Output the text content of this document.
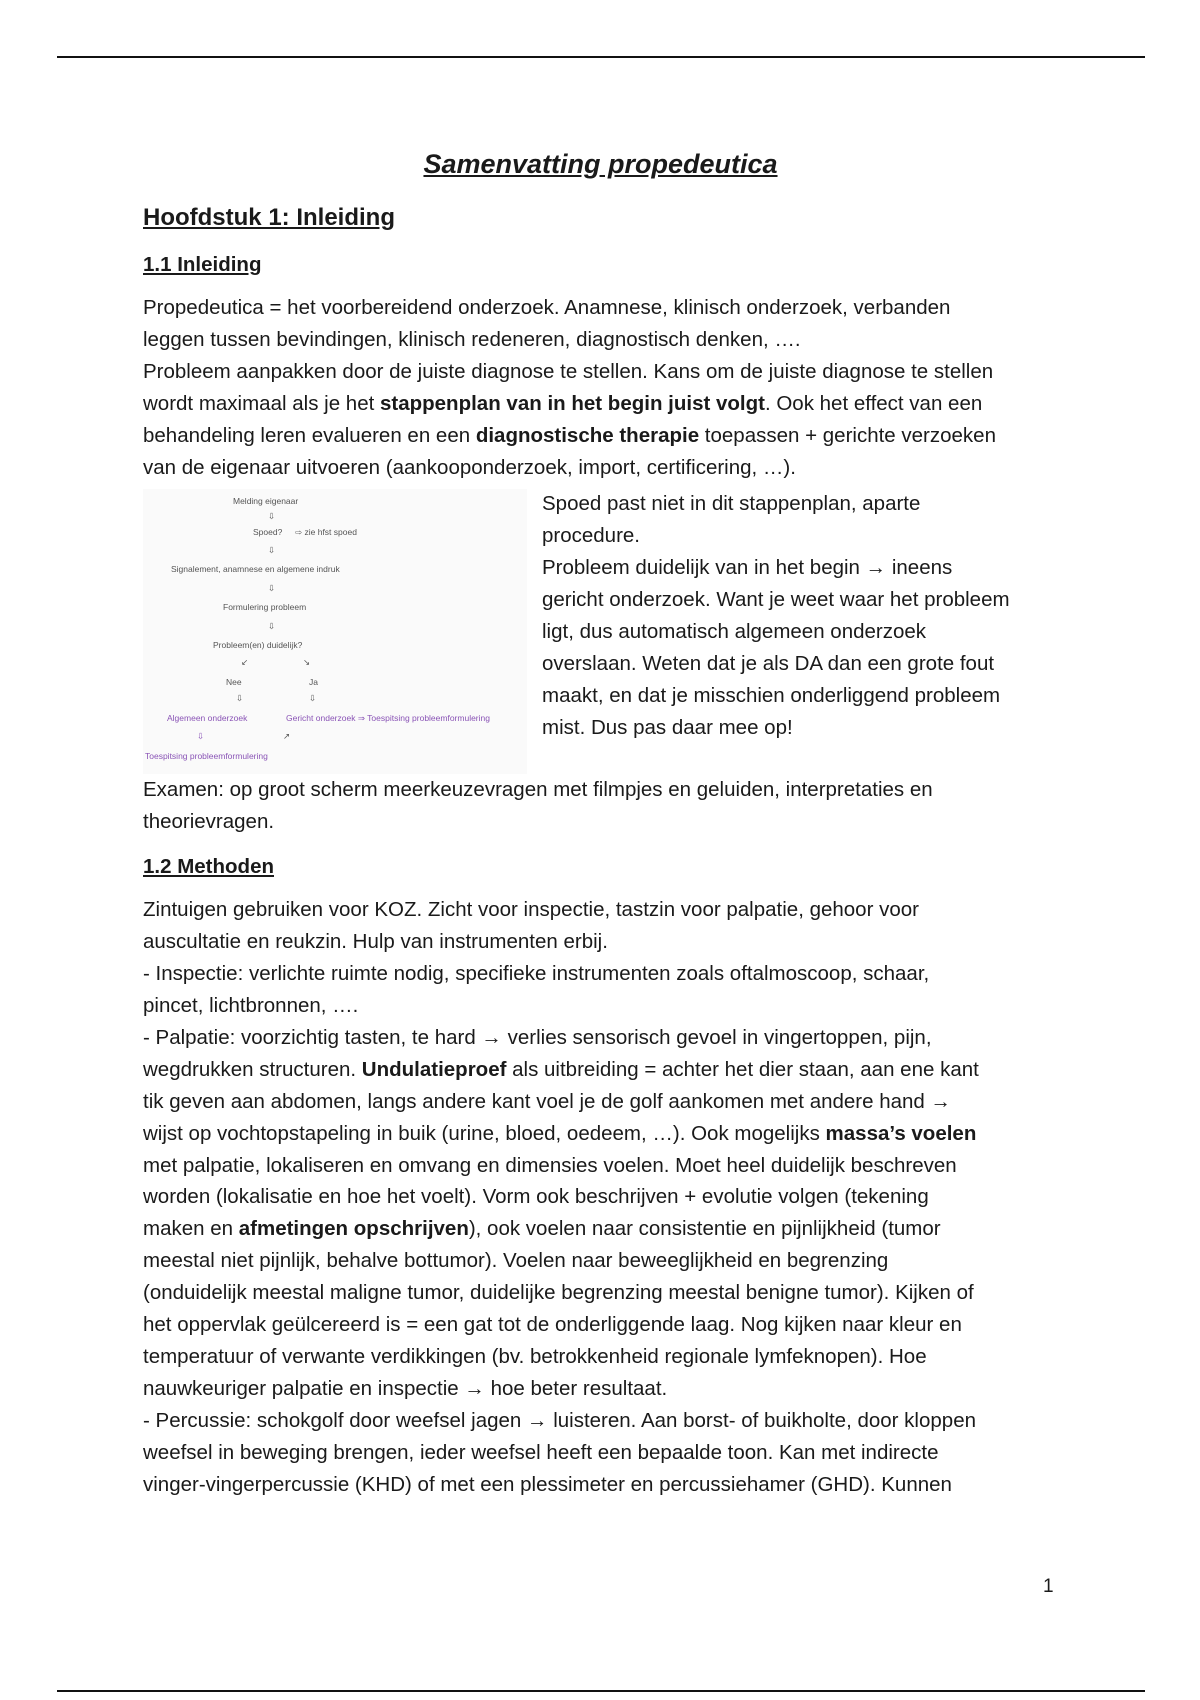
Samenvatting propedeutica
Hoofdstuk 1: Inleiding
1.1 Inleiding

Propedeutica = het voorbereidend onderzoek. Anamnese, klinisch onderzoek, verbanden
leggen tussen bevindingen, klinisch redeneren, diagnostisch denken, ….
Probleem aanpakken door de juiste diagnose te stellen. Kans om de juiste diagnose te stellen
wordt maximaal als je het stappenplan van in het begin juist volgt. Ook het effect van een
behandeling leren evalueren en een diagnostische therapie toepassen + gerichte verzoeken
van de eigenaar uitvoeren (aankooponderzoek, import, certificering, …).

Melding eigenaar
⇩
Spoed? ⇨ zie hfst spoed
⇩
Signalement, anamnese en algemene indruk
⇩
Formulering probleem
⇩
Probleem(en) duidelijk?
↙	↘
Nee	Ja
⇩	⇩
Algemeen onderzoek	Gericht onderzoek ⇒ Toespitsing probleemformulering
⇩	↗
Toespitsing probleemformulering
Spoed past niet in dit stappenplan, aparte
procedure.
Probleem duidelijk van in het begin → ineens
gericht onderzoek. Want je weet waar het probleem
ligt, dus automatisch algemeen onderzoek
overslaan. Weten dat je als DA dan een grote fout
maakt, en dat je misschien onderliggend probleem
mist. Dus pas daar mee op!

Examen: op groot scherm meerkeuzevragen met filmpjes en geluiden, interpretaties en
theorievragen.

1.2 Methoden

Zintuigen gebruiken voor KOZ. Zicht voor inspectie, tastzin voor palpatie, gehoor voor
auscultatie en reukzin. Hulp van instrumenten erbij.
- Inspectie: verlichte ruimte nodig, specifieke instrumenten zoals oftalmoscoop, schaar,
pincet, lichtbronnen, ….
- Palpatie: voorzichtig tasten, te hard → verlies sensorisch gevoel in vingertoppen, pijn,
wegdrukken structuren. Undulatieproef als uitbreiding = achter het dier staan, aan ene kant
tik geven aan abdomen, langs andere kant voel je de golf aankomen met andere hand →
wijst op vochtopstapeling in buik (urine, bloed, oedeem, …). Ook mogelijks massa’s voelen
met palpatie, lokaliseren en omvang en dimensies voelen. Moet heel duidelijk beschreven
worden (lokalisatie en hoe het voelt). Vorm ook beschrijven + evolutie volgen (tekening
maken en afmetingen opschrijven), ook voelen naar consistentie en pijnlijkheid (tumor
meestal niet pijnlijk, behalve bottumor). Voelen naar beweeglijkheid en begrenzing
(onduidelijk meestal maligne tumor, duidelijke begrenzing meestal benigne tumor). Kijken of
het oppervlak geülcereerd is = een gat tot de onderliggende laag. Nog kijken naar kleur en
temperatuur of verwante verdikkingen (bv. betrokkenheid regionale lymfeknopen). Hoe
nauwkeuriger palpatie en inspectie → hoe beter resultaat.
- Percussie: schokgolf door weefsel jagen → luisteren. Aan borst- of buikholte, door kloppen
weefsel in beweging brengen, ieder weefsel heeft een bepaalde toon. Kan met indirecte
vinger-vingerpercussie (KHD) of met een plessimeter en percussiehamer (GHD). Kunnen

1
